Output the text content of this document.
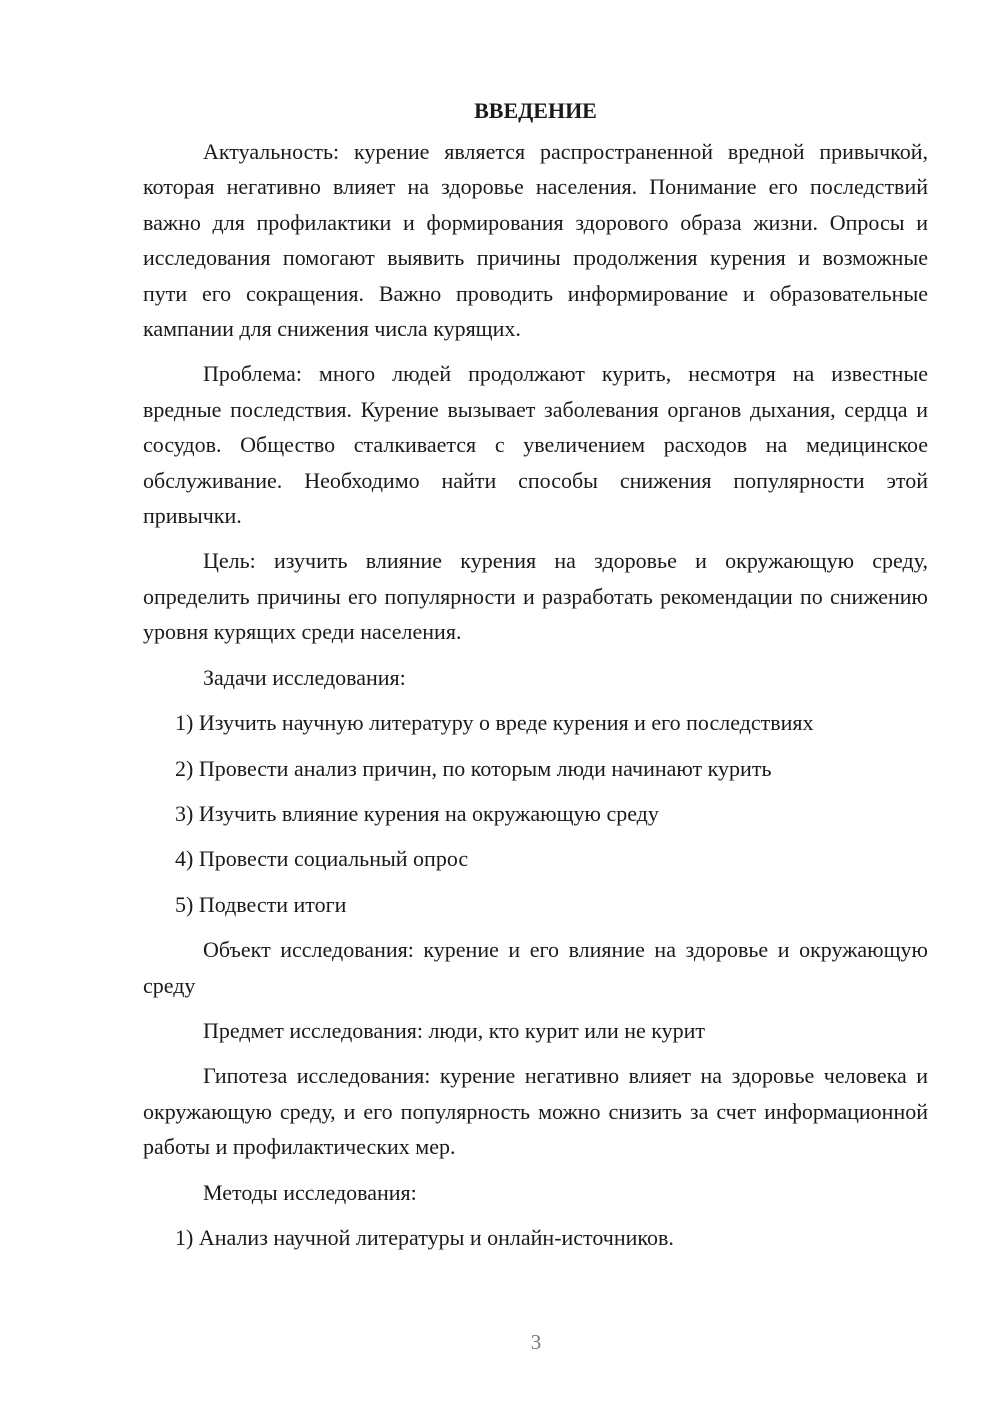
ВВЕДЕНИЕ
Актуальность: курение является распространенной вредной привычкой, которая негативно влияет на здоровье населения. Понимание его последствий важно для профилактики и формирования здорового образа жизни. Опросы и исследования помогают выявить причины продолжения курения и возможные пути его сокращения. Важно проводить информирование и образовательные кампании для снижения числа курящих.
Проблема: много людей продолжают курить, несмотря на известные вредные последствия. Курение вызывает заболевания органов дыхания, сердца и сосудов. Общество сталкивается с увеличением расходов на медицинское обслуживание. Необходимо найти способы снижения популярности этой привычки.
Цель: изучить влияние курения на здоровье и окружающую среду, определить причины его популярности и разработать рекомендации по снижению уровня курящих среди населения.
Задачи исследования:
1) Изучить научную литературу о вреде курения и его последствиях
2) Провести анализ причин, по которым люди начинают курить
3) Изучить влияние курения на окружающую среду
4) Провести социальный опрос
5) Подвести итоги
Объект исследования: курение и его влияние на здоровье и окружающую среду
Предмет исследования: люди, кто курит или не курит
Гипотеза исследования: курение негативно влияет на здоровье человека и окружающую среду, и его популярность можно снизить за счет информационной работы и профилактических мер.
Методы исследования:
1) Анализ научной литературы и онлайн-источников.
3
